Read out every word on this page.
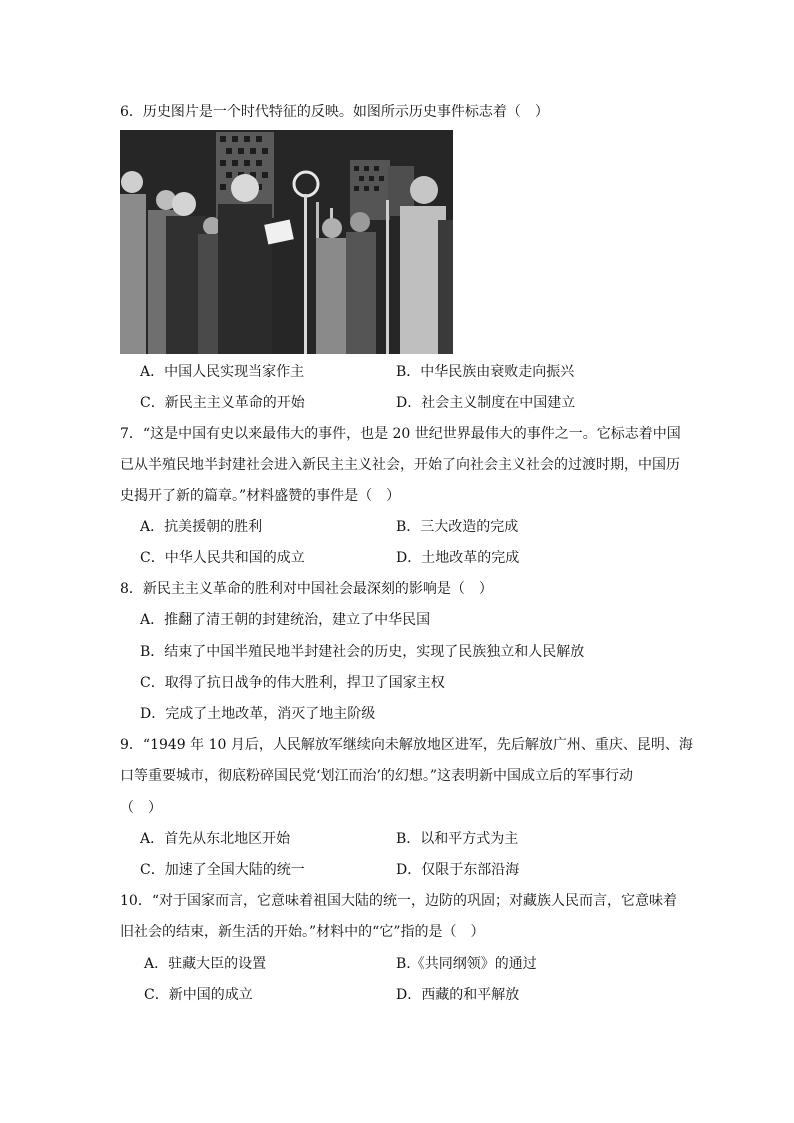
6．历史图片是一个时代特征的反映。如图所示历史事件标志着（　）
A．中国人民实现当家作主	B．中华民族由衰败走向振兴
C．新民主主义革命的开始	D．社会主义制度在中国建立
7．“这是中国有史以来最伟大的事件，也是 20 世纪世界最伟大的事件之一。它标志着中国
已从半殖民地半封建社会进入新民主主义社会，开始了向社会主义社会的过渡时期，中国历
史揭开了新的篇章。”材料盛赞的事件是（　）
A．抗美援朝的胜利	B．三大改造的完成
C．中华人民共和国的成立	D．土地改革的完成
8．新民主主义革命的胜利对中国社会最深刻的影响是（　）
A．推翻了清王朝的封建统治，建立了中华民国
B．结束了中国半殖民地半封建社会的历史，实现了民族独立和人民解放
C．取得了抗日战争的伟大胜利，捍卫了国家主权
D．完成了土地改革，消灭了地主阶级
9．“1949 年 10 月后，人民解放军继续向未解放地区进军，先后解放广州、重庆、昆明、海
口等重要城市，彻底粉碎国民党‘划江而治’的幻想。”这表明新中国成立后的军事行动
（　）
A．首先从东北地区开始	B．以和平方式为主
C．加速了全国大陆的统一	D．仅限于东部沿海
10．“对于国家而言，它意味着祖国大陆的统一，边防的巩固；对藏族人民而言，它意味着
旧社会的结束，新生活的开始。”材料中的“它”指的是（　）
A．驻藏大臣的设置	B.《共同纲领》的通过
C．新中国的成立	D．西藏的和平解放
